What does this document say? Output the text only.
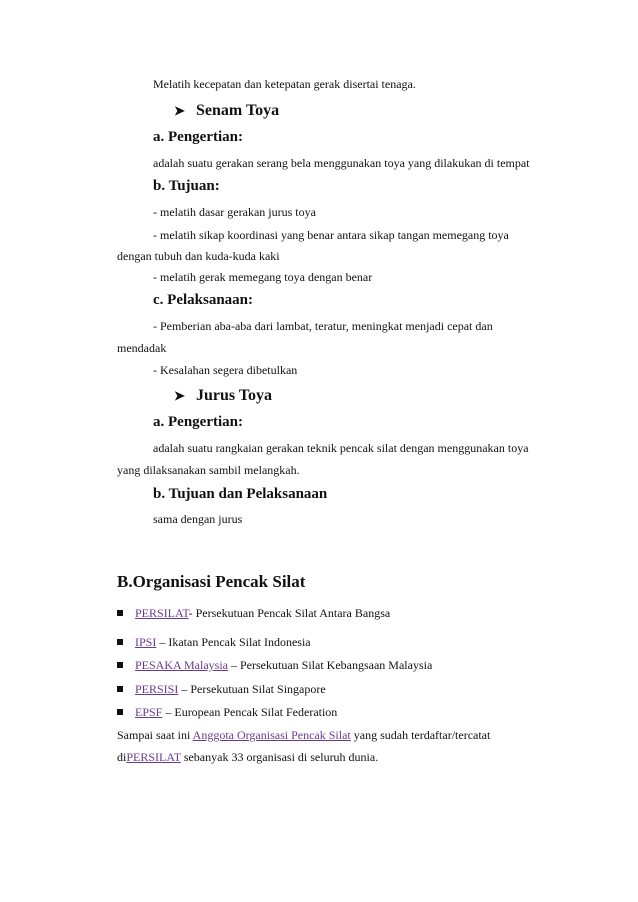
Melatih kecepatan dan ketepatan gerak disertai tenaga.
➤ Senam Toya
a. Pengertian:
adalah suatu gerakan serang bela menggunakan toya yang dilakukan di tempat
b. Tujuan:
- melatih dasar gerakan jurus toya
- melatih sikap koordinasi yang benar antara sikap tangan memegang toya
dengan tubuh dan kuda-kuda kaki
- melatih gerak memegang toya dengan benar
c. Pelaksanaan:
- Pemberian aba-aba dari lambat, teratur, meningkat menjadi cepat dan
mendadak
- Kesalahan segera dibetulkan
➤ Jurus Toya
a. Pengertian:
adalah suatu rangkaian gerakan teknik pencak silat dengan menggunakan toya
yang dilaksanakan sambil melangkah.
b. Tujuan dan Pelaksanaan
sama dengan jurus
B.Organisasi Pencak Silat
PERSILAT- Persekutuan Pencak Silat Antara Bangsa
IPSI – Ikatan Pencak Silat Indonesia
PESAKA Malaysia – Persekutuan Silat Kebangsaan Malaysia
PERSISI – Persekutuan Silat Singapore
EPSF – European Pencak Silat Federation
Sampai saat ini Anggota Organisasi Pencak Silat yang sudah terdaftar/tercatat
diPERSILAT sebanyak 33 organisasi di seluruh dunia.
